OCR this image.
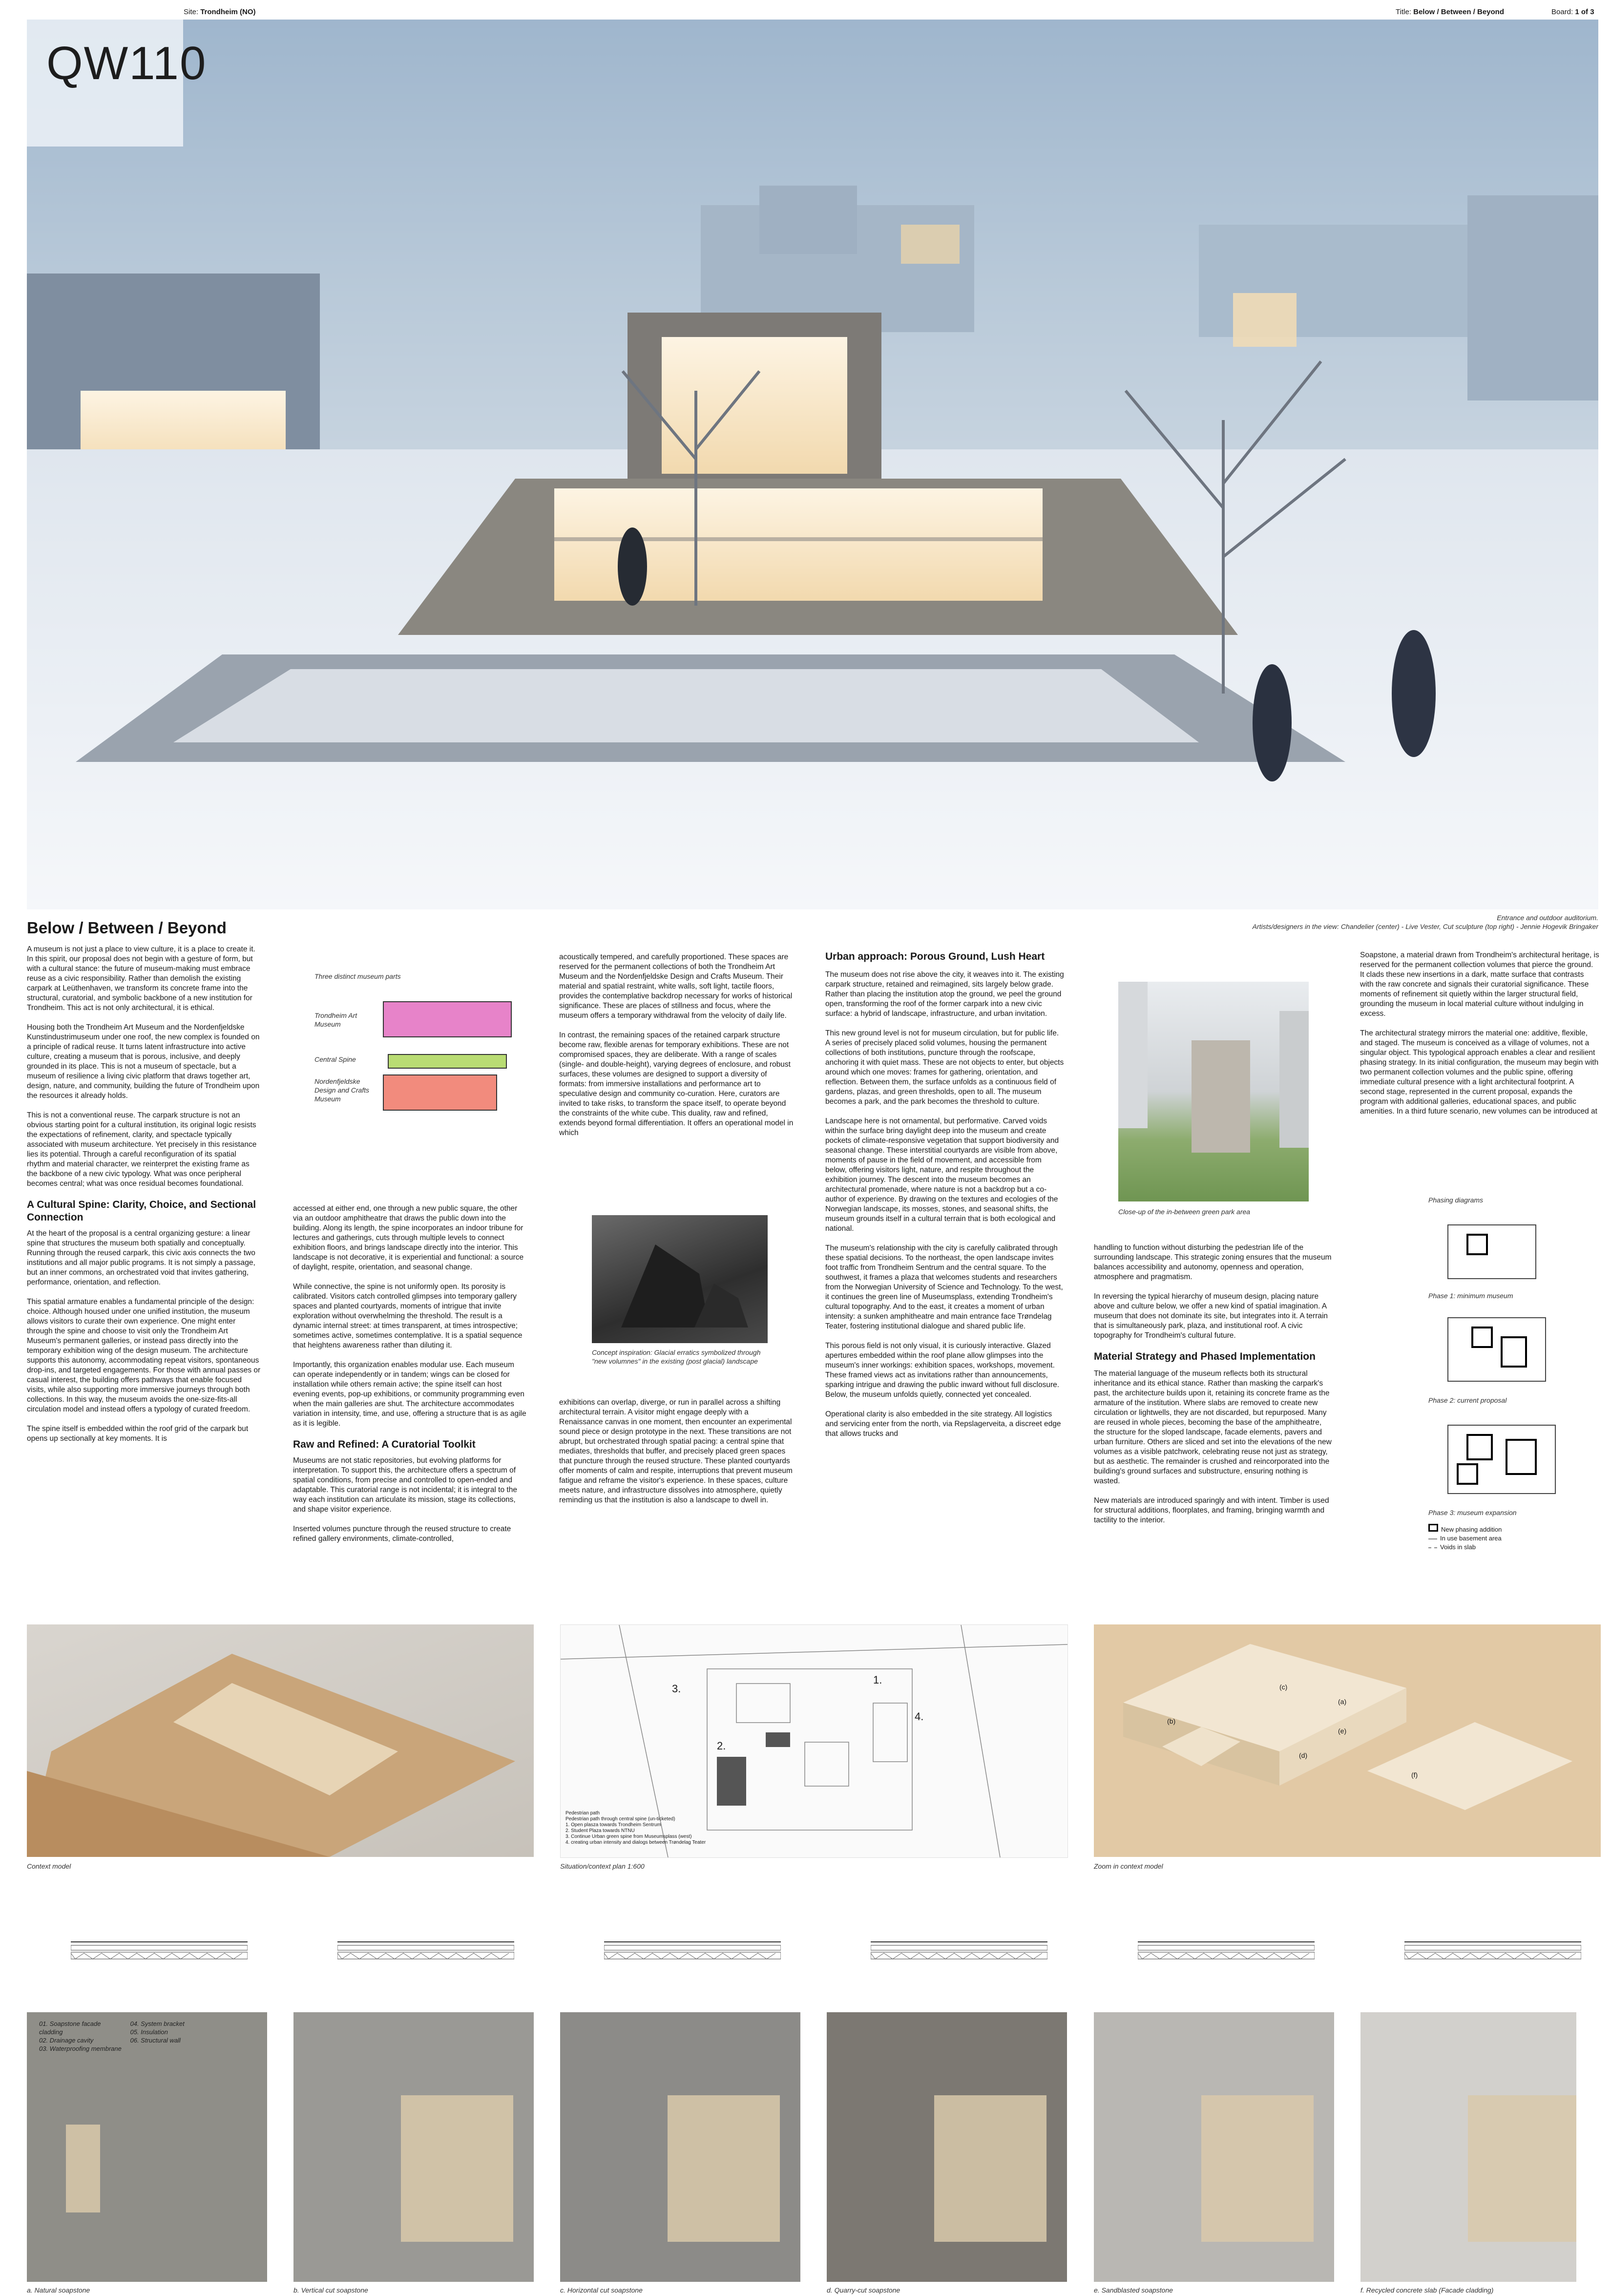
Site: Trondheim (NO)	Title: Below / Between / Beyond	Board: 1 of 3
QW110
Entrance and outdoor auditorium.
Artists/designers in the view: Chandelier (center) - Live Vester, Cut sculpture (top right) - Jennie Hogevik Bringaker
Below / Between / Beyond

A museum is not just a place to view culture, it is a place to create it. In this spirit, our proposal does not begin with a gesture of form, but with a cultural stance: the future of museum-making must embrace reuse as a civic responsibility. Rather than demolish the existing carpark at Leüthenhaven, we transform its concrete frame into the structural, curatorial, and symbolic backbone of a new institution for Trondheim. This act is not only architectural, it is ethical.

Housing both the Trondheim Art Museum and the Nordenfjeldske Kunstindustrimuseum under one roof, the new complex is founded on a principle of radical reuse. It turns latent infrastructure into active culture, creating a museum that is porous, inclusive, and deeply grounded in its place. This is not a museum of spectacle, but a museum of resilience a living civic platform that draws together art, design, nature, and community, building the future of Trondheim upon the resources it already holds.

This is not a conventional reuse. The carpark structure is not an obvious starting point for a cultural institution, its original logic resists the expectations of refinement, clarity, and spectacle typically associated with museum architecture. Yet precisely in this resistance lies its potential. Through a careful reconfiguration of its spatial rhythm and material character, we reinterpret the existing frame as the backbone of a new civic typology. What was once peripheral becomes central; what was once residual becomes foundational.

A Cultural Spine: Clarity, Choice, and Sectional Connection

At the heart of the proposal is a central organizing gesture: a linear spine that structures the museum both spatially and conceptually. Running through the reused carpark, this civic axis connects the two institutions and all major public programs. It is not simply a passage, but an inner commons, an orchestrated void that invites gathering, performance, orientation, and reflection.

This spatial armature enables a fundamental principle of the design: choice. Although housed under one unified institution, the museum allows visitors to curate their own experience. One might enter through the spine and choose to visit only the Trondheim Art Museum's permanent galleries, or instead pass directly into the temporary exhibition wing of the design museum. The architecture supports this autonomy, accommodating repeat visitors, spontaneous drop-ins, and targeted engagements. For those with annual passes or casual interest, the building offers pathways that enable focused visits, while also supporting more immersive journeys through both collections. In this way, the museum avoids the one-size-fits-all circulation model and instead offers a typology of curated freedom.

The spine itself is embedded within the roof grid of the carpark but opens up sectionally at key moments. It is

Three distinct museum parts
Trondheim Art Museum
Central Spine
Nordenfjeldske Design and Crafts Museum

accessed at either end, one through a new public square, the other via an outdoor amphitheatre that draws the public down into the building. Along its length, the spine incorporates an indoor tribune for lectures and gatherings, cuts through multiple levels to connect exhibition floors, and brings landscape directly into the interior. This landscape is not decorative, it is experiential and functional: a source of daylight, respite, orientation, and seasonal change.

While connective, the spine is not uniformly open. Its porosity is calibrated. Visitors catch controlled glimpses into temporary gallery spaces and planted courtyards, moments of intrigue that invite exploration without overwhelming the threshold. The result is a dynamic internal street: at times transparent, at times introspective; sometimes active, sometimes contemplative. It is a spatial sequence that heightens awareness rather than diluting it.

Importantly, this organization enables modular use. Each museum can operate independently or in tandem; wings can be closed for installation while others remain active; the spine itself can host evening events, pop-up exhibitions, or community programming even when the main galleries are shut. The architecture accommodates variation in intensity, time, and use, offering a structure that is as agile as it is legible.

Raw and Refined: A Curatorial Toolkit

Museums are not static repositories, but evolving platforms for interpretation. To support this, the architecture offers a spectrum of spatial conditions, from precise and controlled to open-ended and adaptable. This curatorial range is not incidental; it is integral to the way each institution can articulate its mission, stage its collections, and shape visitor experience.

Inserted volumes puncture through the reused structure to create refined gallery environments, climate-controlled,

acoustically tempered, and carefully proportioned. These spaces are reserved for the permanent collections of both the Trondheim Art Museum and the Nordenfjeldske Design and Crafts Museum. Their material and spatial restraint, white walls, soft light, tactile floors, provides the contemplative backdrop necessary for works of historical significance. These are places of stillness and focus, where the museum offers a temporary withdrawal from the velocity of daily life.

In contrast, the remaining spaces of the retained carpark structure become raw, flexible arenas for temporary exhibitions. These are not compromised spaces, they are deliberate. With a range of scales (single- and double-height), varying degrees of enclosure, and robust surfaces, these volumes are designed to support a diversity of formats: from immersive installations and performance art to speculative design and community co-curation. Here, curators are invited to take risks, to transform the space itself, to operate beyond the constraints of the white cube. This duality, raw and refined, extends beyond formal differentiation. It offers an operational model in which

Concept inspiration: Glacial erratics symbolized through "new volumnes" in the existing (post glacial) landscape

exhibitions can overlap, diverge, or run in parallel across a shifting architectural terrain. A visitor might engage deeply with a Renaissance canvas in one moment, then encounter an experimental sound piece or design prototype in the next. These transitions are not abrupt, but orchestrated through spatial pacing: a central spine that mediates, thresholds that buffer, and precisely placed green spaces that puncture through the reused structure. These planted courtyards offer moments of calm and respite, interruptions that prevent museum fatigue and reframe the visitor's experience. In these spaces, culture meets nature, and infrastructure dissolves into atmosphere, quietly reminding us that the institution is also a landscape to dwell in.

Urban approach: Porous Ground, Lush Heart

The museum does not rise above the city, it weaves into it. The existing carpark structure, retained and reimagined, sits largely below grade. Rather than placing the institution atop the ground, we peel the ground open, transforming the roof of the former carpark into a new civic surface: a hybrid of landscape, infrastructure, and urban invitation.

This new ground level is not for museum circulation, but for public life. A series of precisely placed solid volumes, housing the permanent collections of both institutions, puncture through the roofscape, anchoring it with quiet mass. These are not objects to enter, but objects around which one moves: frames for gathering, orientation, and reflection. Between them, the surface unfolds as a continuous field of gardens, plazas, and green thresholds, open to all. The museum becomes a park, and the park becomes the threshold to culture.

Landscape here is not ornamental, but performative. Carved voids within the surface bring daylight deep into the museum and create pockets of climate-responsive vegetation that support biodiversity and seasonal change. These interstitial courtyards are visible from above, moments of pause in the field of movement, and accessible from below, offering visitors light, nature, and respite throughout the exhibition journey. The descent into the museum becomes an architectural promenade, where nature is not a backdrop but a co-author of experience. By drawing on the textures and ecologies of the Norwegian landscape, its mosses, stones, and seasonal shifts, the museum grounds itself in a cultural terrain that is both ecological and national.

The museum's relationship with the city is carefully calibrated through these spatial decisions. To the northeast, the open landscape invites foot traffic from Trondheim Sentrum and the central square. To the southwest, it frames a plaza that welcomes students and researchers from the Norwegian University of Science and Technology. To the west, it continues the green line of Museumsplass, extending Trondheim's cultural topography. And to the east, it creates a moment of urban intensity: a sunken amphitheatre and main entrance face Trøndelag Teater, fostering institutional dialogue and shared public life.

This porous field is not only visual, it is curiously interactive. Glazed apertures embedded within the roof plane allow glimpses into the museum's inner workings: exhibition spaces, workshops, movement. These framed views act as invitations rather than announcements, sparking intrigue and drawing the public inward without full disclosure. Below, the museum unfolds quietly, connected yet concealed.

Operational clarity is also embedded in the site strategy. All logistics and servicing enter from the north, via Repslagerveita, a discreet edge that allows trucks and

Close-up of the in-between green park area

handling to function without disturbing the pedestrian life of the surrounding landscape. This strategic zoning ensures that the museum balances accessibility and autonomy, openness and operation, atmosphere and pragmatism.

In reversing the typical hierarchy of museum design, placing nature above and culture below, we offer a new kind of spatial imagination. A museum that does not dominate its site, but integrates into it. A terrain that is simultaneously park, plaza, and institutional roof. A civic topography for Trondheim's cultural future.

Material Strategy and Phased Implementation

The material language of the museum reflects both its structural inheritance and its ethical stance. Rather than masking the carpark's past, the architecture builds upon it, retaining its concrete frame as the armature of the institution. Where slabs are removed to create new circulation or lightwells, they are not discarded, but repurposed. Many are reused in whole pieces, becoming the base of the amphitheatre, the structure for the sloped landscape, facade elements, pavers and urban furniture. Others are sliced and set into the elevations of the new volumes as a visible patchwork, celebrating reuse not just as strategy, but as aesthetic. The remainder is crushed and reincorporated into the building's ground surfaces and substructure, ensuring nothing is wasted.

New materials are introduced sparingly and with intent. Timber is used for structural additions, floorplates, and framing, bringing warmth and tactility to the interior.

Soapstone, a material drawn from Trondheim's architectural heritage, is reserved for the permanent collection volumes that pierce the ground. It clads these new insertions in a dark, matte surface that contrasts with the raw concrete and signals their curatorial significance. These moments of refinement sit quietly within the larger structural field, grounding the museum in local material culture without indulging in excess.

The architectural strategy mirrors the material one: additive, flexible, and staged. The museum is conceived as a village of volumes, not a singular object. This typological approach enables a clear and resilient phasing strategy. In its initial configuration, the museum may begin with two permanent collection volumes and the public spine, offering immediate cultural presence with a light architectural footprint. A second stage, represented in the current proposal, expands the program with additional galleries, educational spaces, and public amenities. In a third future scenario, new volumes can be introduced at

Phasing diagrams
Phase 1: minimum museum
Phase 2: current proposal
Phase 3: museum expansion
New phasing addition
In use basement area
Voids in slab
Context model
1.
2.
3.
4.
Pedestrian path
Pedestrian path through central spine (un-ticketed)
1. Open plasza towards Trondheim Sentrum
2. Student Plaza towards NTNU
3. Continue Urban green spine from Museumsplass (west)
4. creating urban intensity and dialogs between Trøndelag Teater
Situation/context plan 1:600
(a)
(b)
(c)
(d)
(e)
(f)
Zoom in context model
a. Natural soapstone	b. Vertical cut soapstone	c. Horizontal cut soapstone	d. Quarry-cut soapstone	e. Sandblasted soapstone	f. Recycled concrete slab (Facade cladding)
01. Soapstone facade cladding
02. Drainage cavity
03. Waterproofing membrane
04. System bracket
05. Insulation
06. Structural wall
